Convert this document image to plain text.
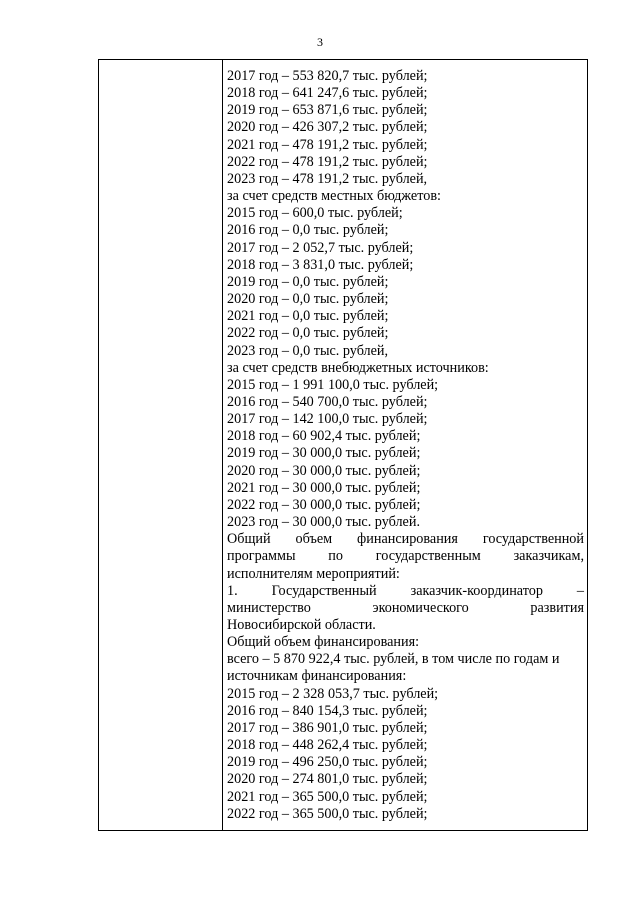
3
2017 год – 553 820,7 тыс. рублей;
2018 год – 641 247,6 тыс. рублей;
2019 год – 653 871,6 тыс. рублей;
2020 год – 426 307,2 тыс. рублей;
2021 год – 478 191,2 тыс. рублей;
2022 год – 478 191,2 тыс. рублей;
2023 год – 478 191,2 тыс. рублей,
за счет средств местных бюджетов:
2015 год – 600,0 тыс. рублей;
2016 год – 0,0 тыс. рублей;
2017 год – 2 052,7 тыс. рублей;
2018 год – 3 831,0 тыс. рублей;
2019 год – 0,0 тыс. рублей;
2020 год – 0,0 тыс. рублей;
2021 год – 0,0 тыс. рублей;
2022 год – 0,0 тыс. рублей;
2023 год – 0,0 тыс. рублей,
за счет средств внебюджетных источников:
2015 год – 1 991 100,0 тыс. рублей;
2016 год – 540 700,0 тыс. рублей;
2017 год – 142 100,0 тыс. рублей;
2018 год – 60 902,4 тыс. рублей;
2019 год – 30 000,0 тыс. рублей;
2020 год – 30 000,0 тыс. рублей;
2021 год – 30 000,0 тыс. рублей;
2022 год – 30 000,0 тыс. рублей;
2023 год – 30 000,0 тыс. рублей.
Общий объем финансирования государственной
программы по государственным заказчикам,
исполнителям мероприятий:
1. Государственный заказчик-координатор –
министерство экономического развития
Новосибирской области.
Общий объем финансирования:
всего – 5 870 922,4 тыс. рублей, в том числе по годам и
источникам финансирования:
2015 год – 2 328 053,7 тыс. рублей;
2016 год – 840 154,3 тыс. рублей;
2017 год – 386 901,0 тыс. рублей;
2018 год – 448 262,4 тыс. рублей;
2019 год – 496 250,0 тыс. рублей;
2020 год – 274 801,0 тыс. рублей;
2021 год – 365 500,0 тыс. рублей;
2022 год – 365 500,0 тыс. рублей;
